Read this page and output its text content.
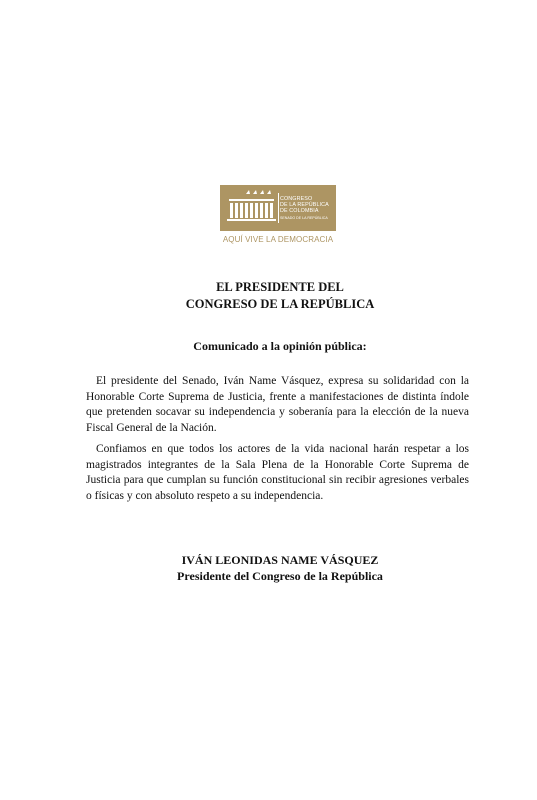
CONGRESO
DE LA REPÚBLICA
DE COLOMBIA
SENADO DE LA REPÚBLICA
AQUÍ VIVE LA DEMOCRACIA
EL PRESIDENTE DEL
CONGRESO DE LA REPÚBLICA
Comunicado a la opinión pública:

El presidente del Senado, Iván Name Vásquez, expresa su solidaridad con la Honorable Corte Suprema de Justicia, frente a manifestaciones de distinta índole que pretenden socavar su independencia y soberanía para la elección de la nueva Fiscal General de la Nación.

Confiamos en que todos los actores de la vida nacional harán respetar a los magistrados integrantes de la Sala Plena de la Honorable Corte Suprema de Justicia para que cumplan su función constitucional sin recibir agresiones verbales o físicas y con absoluto respeto a su independencia.

IVÁN LEONIDAS NAME VÁSQUEZ
Presidente del Congreso de la República
